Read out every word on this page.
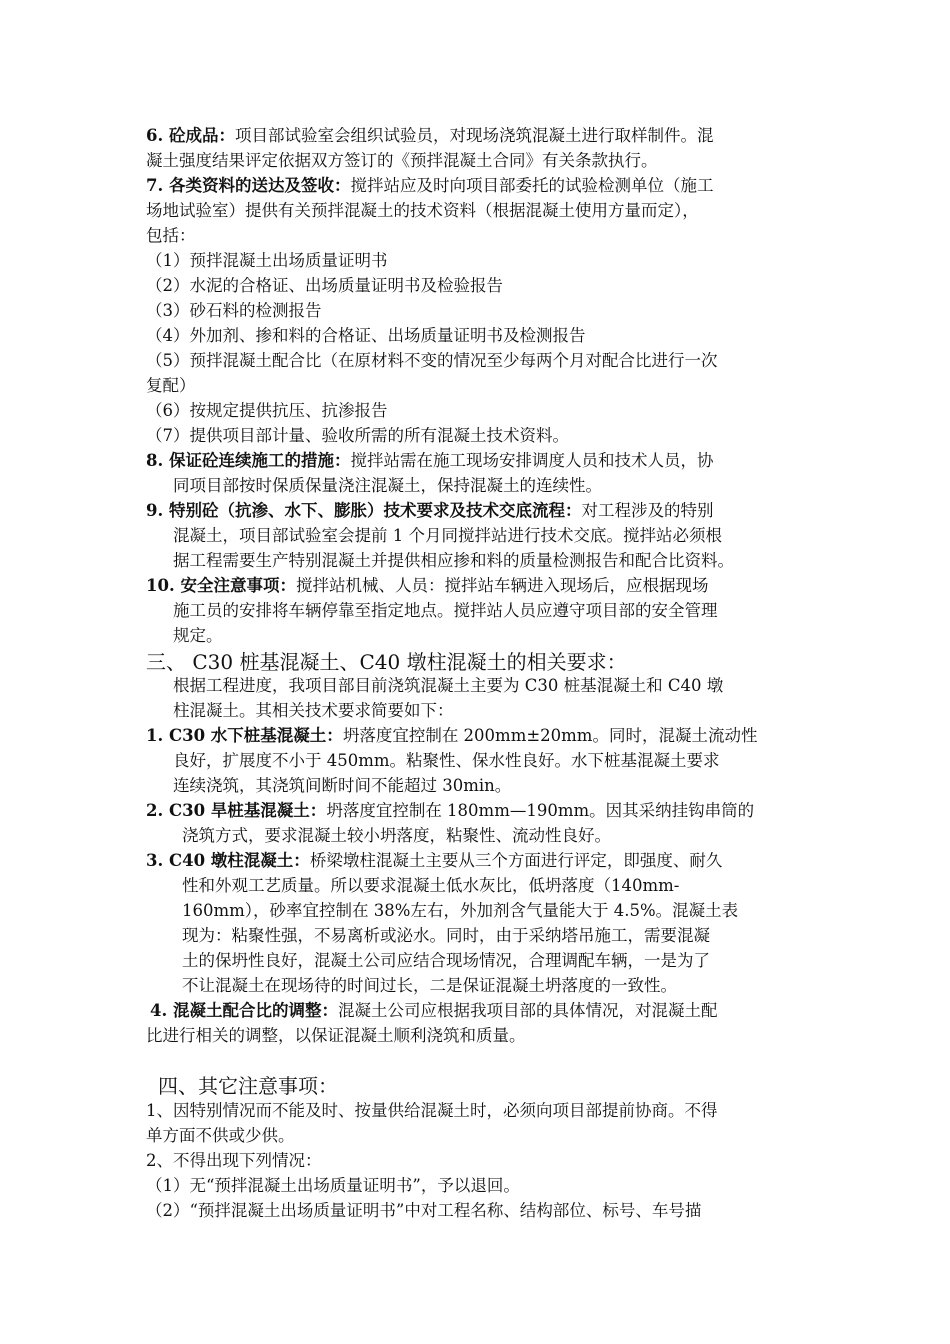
6. 砼成品：项目部试验室会组织试验员，对现场浇筑混凝土进行取样制件。混
凝土强度结果评定依据双方签订的《预拌混凝土合同》有关条款执行。
7. 各类资料的送达及签收：搅拌站应及时向项目部委托的试验检测单位（施工
场地试验室）提供有关预拌混凝土的技术资料（根据混凝土使用方量而定），
包括：
（1）预拌混凝土出场质量证明书
（2）水泥的合格证、出场质量证明书及检验报告
（3）砂石料的检测报告
（4）外加剂、掺和料的合格证、出场质量证明书及检测报告
（5）预拌混凝土配合比（在原材料不变的情况至少每两个月对配合比进行一次
复配）
（6）按规定提供抗压、抗渗报告
（7）提供项目部计量、验收所需的所有混凝土技术资料。
8. 保证砼连续施工的措施：搅拌站需在施工现场安排调度人员和技术人员，协
同项目部按时保质保量浇注混凝土，保持混凝土的连续性。
9. 特别砼（抗渗、水下、膨胀）技术要求及技术交底流程：对工程涉及的特别
混凝土，项目部试验室会提前 1 个月同搅拌站进行技术交底。搅拌站必须根
据工程需要生产特别混凝土并提供相应掺和料的质量检测报告和配合比资料。
10. 安全注意事项：搅拌站机械、人员：搅拌站车辆进入现场后，应根据现场
施工员的安排将车辆停靠至指定地点。搅拌站人员应遵守项目部的安全管理
规定。
三、 C30 桩基混凝土、C40 墩柱混凝土的相关要求：
根据工程进度，我项目部目前浇筑混凝土主要为 C30 桩基混凝土和 C40 墩
柱混凝土。其相关技术要求简要如下：
1. C30 水下桩基混凝土：坍落度宜控制在 200mm±20mm。同时，混凝土流动性
良好，扩展度不小于 450mm。粘聚性、保水性良好。水下桩基混凝土要求
连续浇筑，其浇筑间断时间不能超过 30min。
2. C30 旱桩基混凝土：坍落度宜控制在 180mm—190mm。因其采纳挂钩串筒的
浇筑方式，要求混凝土较小坍落度，粘聚性、流动性良好。
3. C40 墩柱混凝土：桥梁墩柱混凝土主要从三个方面进行评定，即强度、耐久
性和外观工艺质量。所以要求混凝土低水灰比，低坍落度（140mm-
160mm），砂率宜控制在 38%左右，外加剂含气量能大于 4.5%。混凝土表
现为：粘聚性强，不易离析或泌水。同时，由于采纳塔吊施工，需要混凝
土的保坍性良好，混凝土公司应结合现场情况，合理调配车辆，一是为了
不让混凝土在现场待的时间过长，二是保证混凝土坍落度的一致性。
4. 混凝土配合比的调整：混凝土公司应根据我项目部的具体情况，对混凝土配
比进行相关的调整，以保证混凝土顺利浇筑和质量。
四、其它注意事项：
1、因特别情况而不能及时、按量供给混凝土时，必须向项目部提前协商。不得
单方面不供或少供。
2、不得出现下列情况：
（1）无“预拌混凝土出场质量证明书”，予以退回。
（2）“预拌混凝土出场质量证明书”中对工程名称、结构部位、标号、车号描
